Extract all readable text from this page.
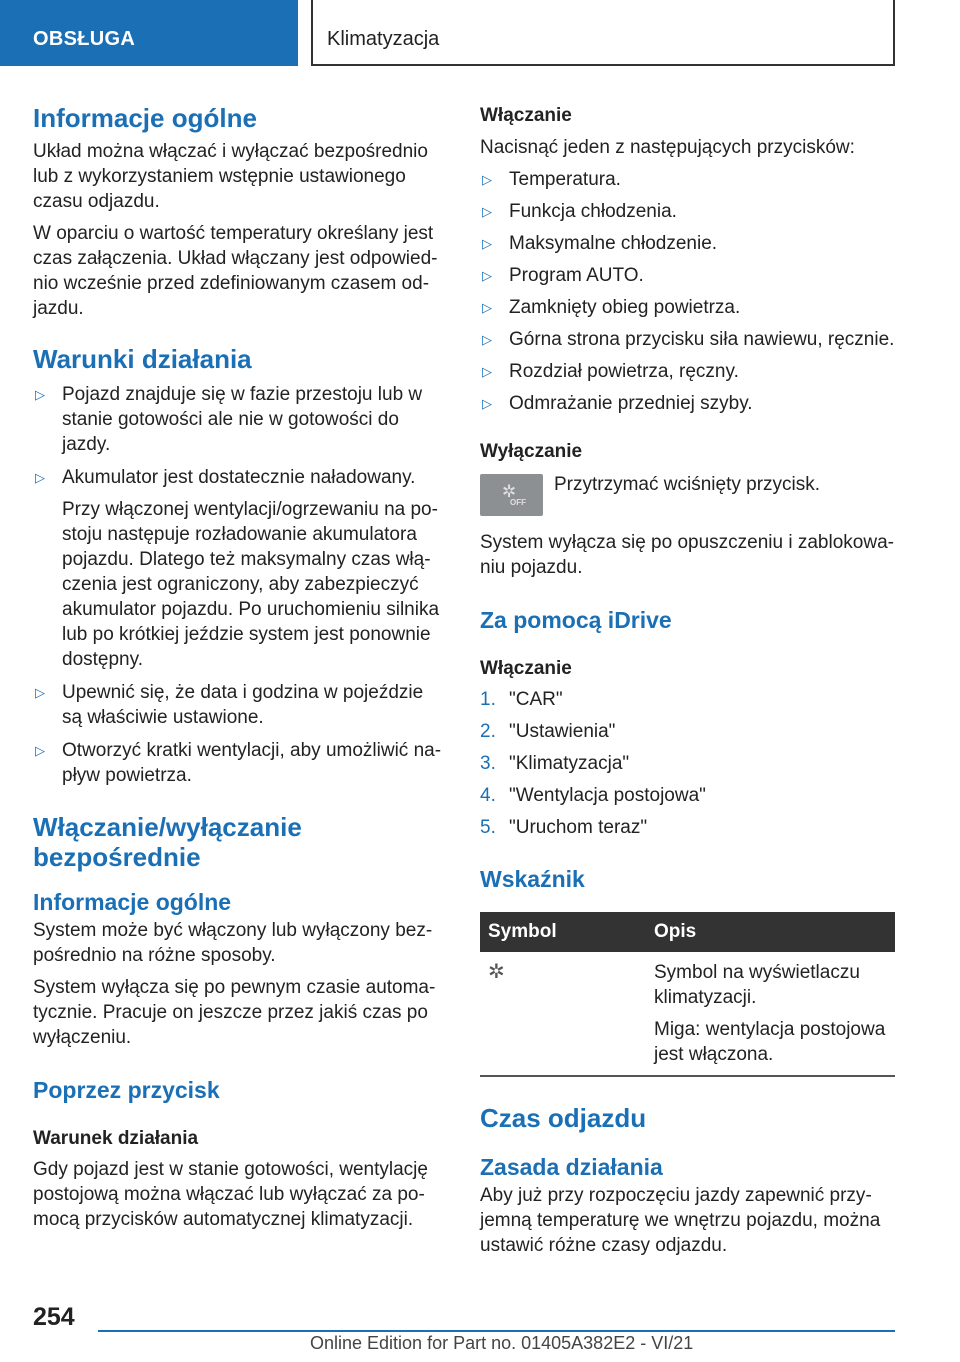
OBSŁUGA	Klimatyzacja
Informacje ogólne

Układ można włączać i wyłączać bezpośrednio lub z wykorzystaniem wstępnie ustawionego czasu odjazdu.

W oparciu o wartość temperatury określany jest czas załączenia. Układ włączany jest odpowiednio wcześnie przed zdefiniowanym czasem odjazdu.

Warunki działania
▷ Pojazd znajduje się w fazie przestoju lub w stanie gotowości ale nie w gotowości do jazdy.
▷ Akumulator jest dostatecznie naładowany.
Przy włączonej wentylacji/ogrzewaniu na postoju następuje rozładowanie akumulatora pojazdu. Dlatego też maksymalny czas włączenia jest ograniczony, aby zabezpieczyć akumulator pojazdu. Po uruchomieniu silnika lub po krótkiej jeździe system jest ponownie dostępny.
▷ Upewnić się, że data i godzina w pojeździe są właściwie ustawione.
▷ Otworzyć kratki wentylacji, aby umożliwić napływ powietrza.
Włączanie/wyłączanie bezpośrednie
Informacje ogólne

System może być włączony lub wyłączony bezpośrednio na różne sposoby.

System wyłącza się po pewnym czasie automatycznie. Pracuje on jeszcze przez jakiś czas po wyłączeniu.

Poprzez przycisk
Warunek działania

Gdy pojazd jest w stanie gotowości, wentylację postojową można włączać lub wyłączać za pomocą przycisków automatycznej klimatyzacji.

Włączanie

Nacisnąć jeden z następujących przycisków:

▷ Temperatura.
▷ Funkcja chłodzenia.
▷ Maksymalne chłodzenie.
▷ Program AUTO.
▷ Zamknięty obieg powietrza.
▷ Górna strona przycisku siła nawiewu, ręcznie.
▷ Rozdział powietrza, ręczny.
▷ Odmrażanie przedniej szyby.
Wyłączanie
✲
OFF

Przytrzymać wciśnięty przycisk.

System wyłącza się po opuszczeniu i zablokowaniu pojazdu.

Za pomocą iDrive
Włączanie
1. "CAR"
2. "Ustawienia"
3. "Klimatyzacja"
4. "Wentylacja postojowa"
5. "Uruchom teraz"
Wskaźnik
Symbol	Opis
✲	Symbol na wyświetlaczu klimatyzacji.
Miga: wentylacja postojowa jest włączona.
Czas odjazdu
Zasada działania

Aby już przy rozpoczęciu jazdy zapewnić przyjemną temperaturę we wnętrzu pojazdu, można ustawić różne czasy odjazdu.

254
Online Edition for Part no. 01405A382E2 - VI/21
